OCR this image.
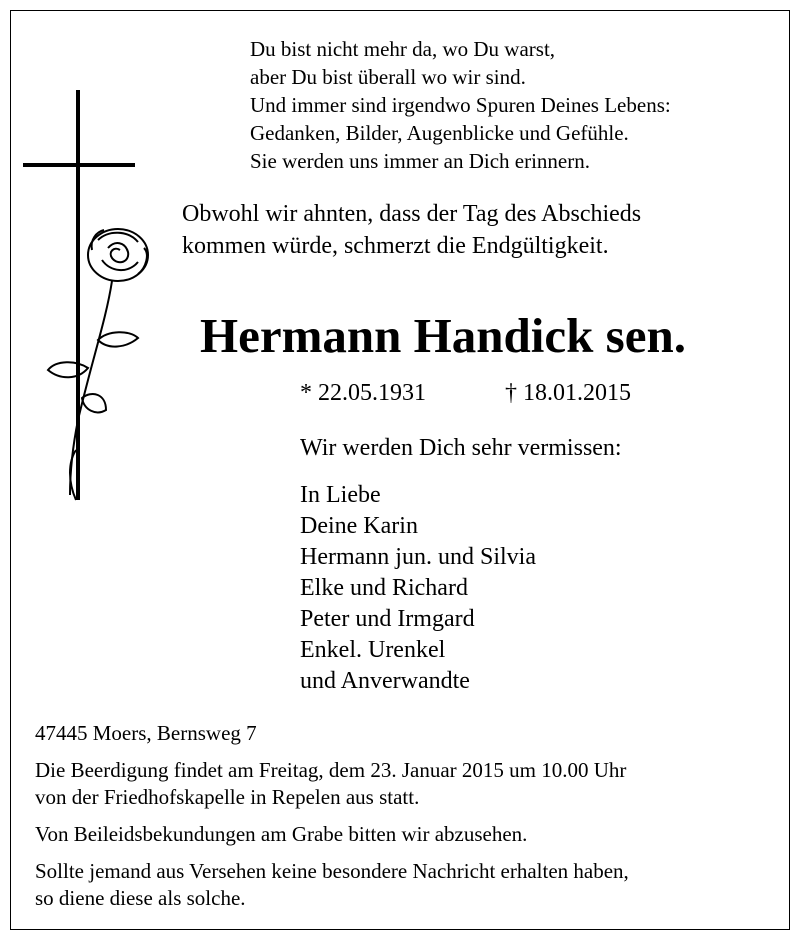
Du bist nicht mehr da, wo Du warst,
aber Du bist überall wo wir sind.
Und immer sind irgendwo Spuren Deines Lebens:
Gedanken, Bilder, Augenblicke und Gefühle.
Sie werden uns immer an Dich erinnern.
Obwohl wir ahnten, dass der Tag des Abschieds
kommen würde, schmerzt die Endgültigkeit.
Hermann Handick sen.
* 22.05.1931	† 18.01.2015
Wir werden Dich sehr vermissen:
In Liebe
Deine Karin
Hermann jun. und Silvia
Elke und Richard
Peter und Irmgard
Enkel. Urenkel
und Anverwandte
47445 Moers, Bernsweg 7
Die Beerdigung findet am Freitag, dem 23. Januar 2015 um 10.00 Uhr
von der Friedhofskapelle in Repelen aus statt.
Von Beileidsbekundungen am Grabe bitten wir abzusehen.
Sollte jemand aus Versehen keine besondere Nachricht erhalten haben,
so diene diese als solche.
